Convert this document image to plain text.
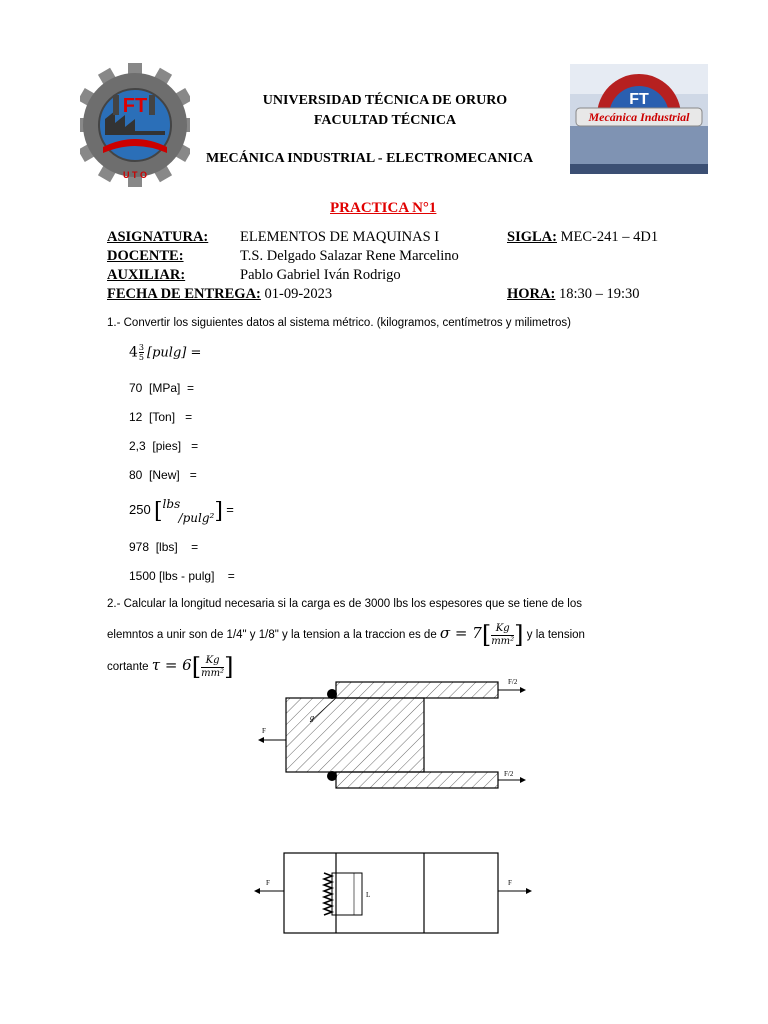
FT
U T O
Mecánica Industrial
FT
UNIVERSIDAD TÉCNICA DE ORURO
FACULTAD TÉCNICA
MECÁNICA INDUSTRIAL - ELECTROMECANICA
PRACTICA N°1
ASIGNATURA: ELEMENTOS DE MAQUINAS I	SIGLA: MEC-241 – 4D1
DOCENTE:	T.S. Delgado Salazar Rene Marcelino
AUXILIAR:	Pablo Gabriel Iván Rodrigo
FECHA DE ENTREGA: 01-09-2023	HORA: 18:30 – 19:30
1.- Convertir los siguientes datos al sistema métrico. (kilogramos, centímetros y milimetros)
$4 \frac{3}{5} [pulg]$ =
70 [MPa] =
12 [Ton] =
2,3 [pies] =
80 [New] =
250 [ lbs
/pulg² ] =
978 [lbs] =
1500 [lbs - pulg] =
2.- Calcular la longitud necesaria si la carga es de 3000 lbs los espesores que se tiene de los
elemntos a unir son de 1/4" y 1/8" y la tension a la traccion es de $\sigma = 7[ \frac{Kg}{\text{mm²}}$ ] y la tension
cortante $\tau = 6[ \frac{Kg}{\text{mm²}}$ ]
g
F/2
F/2
F
L
F	F
